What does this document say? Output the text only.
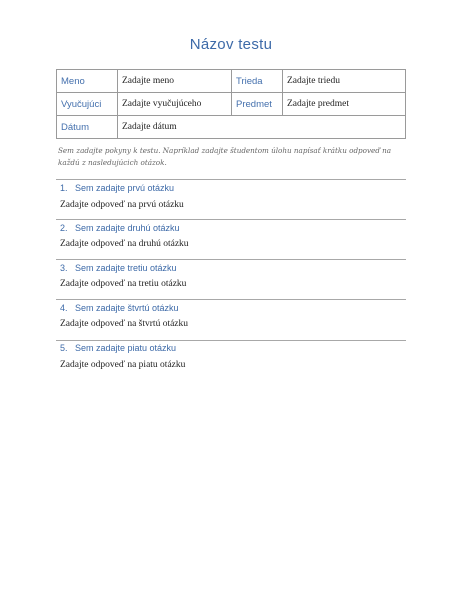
Názov testu
Meno	Zadajte meno	Trieda	Zadajte triedu
Vyučujúci	Zadajte vyučujúceho	Predmet	Zadajte predmet
Dátum	Zadajte dátum		
Sem zadajte pokyny k testu. Napríklad zadajte študentom úlohu napísať krátku odpoveď na každú z nasledujúcich otázok.
1. Sem zadajte prvú otázku
Zadajte odpoveď na prvú otázku
2. Sem zadajte druhú otázku
Zadajte odpoveď na druhú otázku
3. Sem zadajte tretiu otázku
Zadajte odpoveď na tretiu otázku
4. Sem zadajte štvrtú otázku
Zadajte odpoveď na štvrtú otázku
5. Sem zadajte piatu otázku
Zadajte odpoveď na piatu otázku
